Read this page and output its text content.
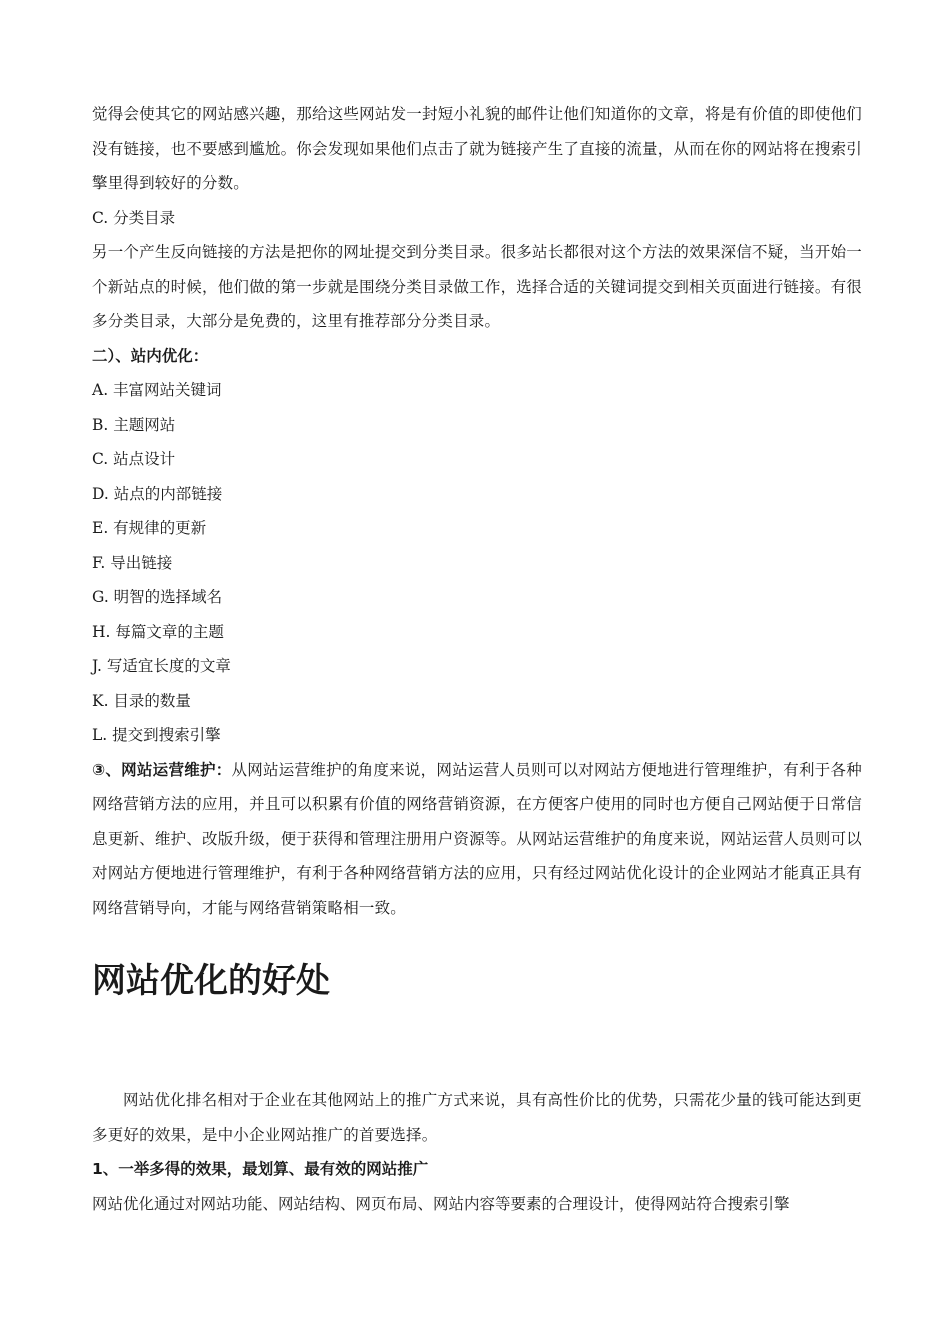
觉得会使其它的网站感兴趣，那给这些网站发一封短小礼貌的邮件让他们知道你的文章，将是有价值的即使他们没有链接，也不要感到尴尬。你会发现如果他们点击了就为链接产生了直接的流量，从而在你的网站将在搜索引擎里得到较好的分数。

C. 分类目录

另一个产生反向链接的方法是把你的网址提交到分类目录。很多站长都很对这个方法的效果深信不疑，当开始一个新站点的时候，他们做的第一步就是围绕分类目录做工作，选择合适的关键词提交到相关页面进行链接。有很多分类目录，大部分是免费的，这里有推荐部分分类目录。

二）、站内优化：

A. 丰富网站关键词

B. 主题网站

C. 站点设计

D. 站点的内部链接

E. 有规律的更新

F. 导出链接

G. 明智的选择域名

H. 每篇文章的主题

J. 写适宜长度的文章

K. 目录的数量

L. 提交到搜索引擎

③、网站运营维护：从网站运营维护的角度来说，网站运营人员则可以对网站方便地进行管理维护，有利于各种网络营销方法的应用，并且可以积累有价值的网络营销资源，在方便客户使用的同时也方便自己网站便于日常信息更新、维护、改版升级，便于获得和管理注册用户资源等。从网站运营维护的角度来说，网站运营人员则可以对网站方便地进行管理维护，有利于各种网络营销方法的应用，只有经过网站优化设计的企业网站才能真正具有网络营销导向，才能与网络营销策略相一致。

网站优化的好处

网站优化排名相对于企业在其他网站上的推广方式来说，具有高性价比的优势，只需花少量的钱可能达到更多更好的效果，是中小企业网站推广的首要选择。

1、一举多得的效果，最划算、最有效的网站推广

网站优化通过对网站功能、网站结构、网页布局、网站内容等要素的合理设计，使得网站符合搜索引擎
